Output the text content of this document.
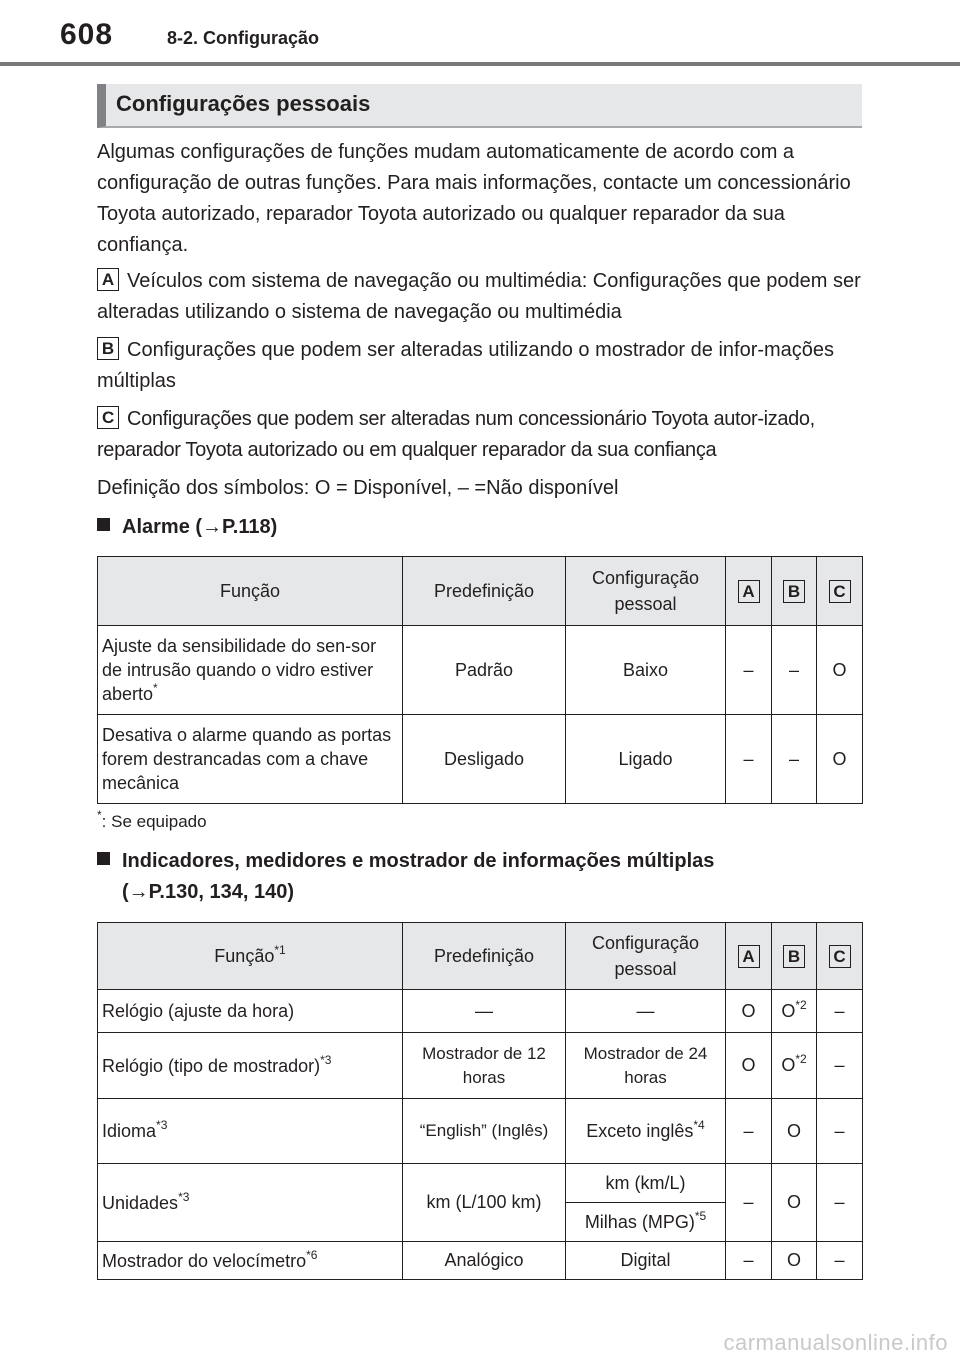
608	8-2. Configuração
Configurações pessoais

Algumas configurações de funções mudam automaticamente de acordo com a configuração de outras funções. Para mais informações, contacte um concessionário Toyota autorizado, reparador Toyota autorizado ou qualquer reparador da sua confiança.

A Veículos com sistema de navegação ou multimédia: Configurações que podem ser alteradas utilizando o sistema de navegação ou multimédia

B Configurações que podem ser alteradas utilizando o mostrador de infor-mações múltiplas

C Configurações que podem ser alteradas num concessionário Toyota autor-izado, reparador Toyota autorizado ou em qualquer reparador da sua confiança

Definição dos símbolos: O = Disponível, – =Não disponível

Alarme (→P.118)
Função	Predefinição	Configuração pessoal	A	B	C
Ajuste da sensibilidade do sen-sor de intrusão quando o vidro estiver aberto*	Padrão	Baixo	–	–	O
Desativa o alarme quando as portas forem destrancadas com a chave mecânica	Desligado	Ligado	–	–	O
*: Se equipado
Indicadores, medidores e mostrador de informações múltiplas
(→P.130, 134, 140)
Função$^{*1}$	Predefinição	Configuração pessoal	A	B	C
Relógio (ajuste da hora)	—	—	O	$O^{*2}$	–
Relógio (tipo de mostrador)$^{*3}$	Mostrador de 12 horas	Mostrador de 24 horas	O	$O^{*2}$	–
Idioma$^{*3}$	“English” (Inglês)	Exceto inglês$^{*4}$	–	O	–
Unidades$^{*3}$	km (L/100 km)	km (km/L)	–	O	–
		Milhas (MPG)$^{*5}$
Mostrador do velocímetro$^{*6}$	Analógico	Digital	–	O	–
carmanualsonline.info
